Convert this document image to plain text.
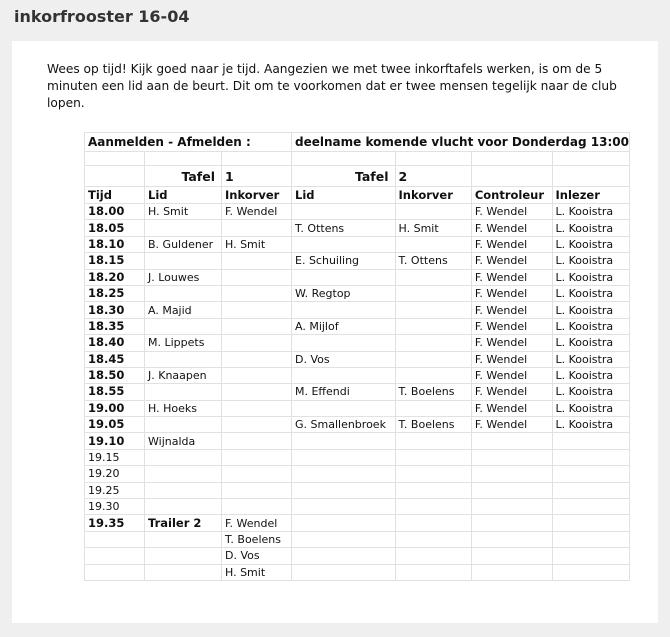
inkorfrooster 16-04
Wees op tijd! Kijk goed naar je tijd. Aangezien we met twee inkorftafels werken, is om de 5 minuten een lid aan de beurt. Dit om te voorkomen dat er twee mensen tegelijk naar de club lopen.
Aanmelden - Afmelden :			deelname komende vlucht voor Donderdag 13:00			

	Tafel	1	Tafel	2		
Tijd	Lid	Inkorver	Lid	Inkorver	Controleur	Inlezer
18.00	H. Smit	F. Wendel			F. Wendel	L. Kooistra
18.05			T. Ottens	H. Smit	F. Wendel	L. Kooistra
18.10	B. Guldener	H. Smit			F. Wendel	L. Kooistra
18.15			E. Schuiling	T. Ottens	F. Wendel	L. Kooistra
18.20	J. Louwes				F. Wendel	L. Kooistra
18.25			W. Regtop		F. Wendel	L. Kooistra
18.30	A. Majid				F. Wendel	L. Kooistra
18.35			A. Mijlof		F. Wendel	L. Kooistra
18.40	M. Lippets				F. Wendel	L. Kooistra
18.45			D. Vos		F. Wendel	L. Kooistra
18.50	J. Knaapen				F. Wendel	L. Kooistra
18.55			M. Effendi	T. Boelens	F. Wendel	L. Kooistra
19.00	H. Hoeks				F. Wendel	L. Kooistra
19.05			G. Smallenbroek	T. Boelens	F. Wendel	L. Kooistra
19.10	Wijnalda					
19.15						
19.20						
19.25						
19.30						
19.35	Trailer 2	F. Wendel				
		T. Boelens				
		D. Vos				
		H. Smit				
